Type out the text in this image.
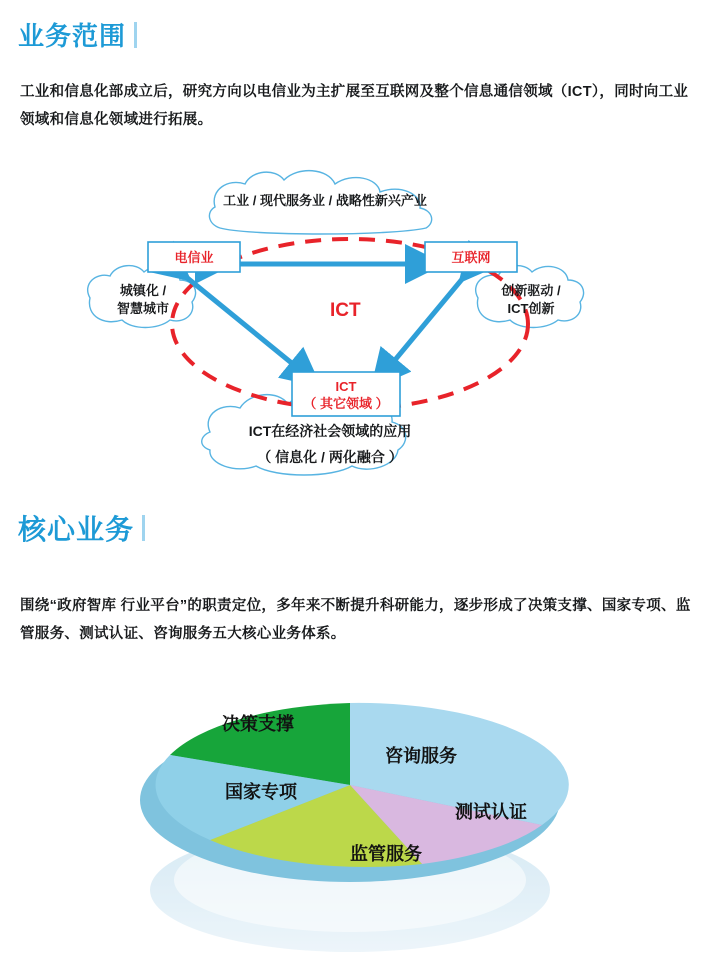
业务范围
工业和信息化部成立后，研究方向以电信业为主扩展至互联网及整个信息通信领域（ICT），同时向工业领域和信息化领域进行拓展。
工业 / 现代服务业 / 战略性新兴产业
城镇化 /
智慧城市
创新驱动 /
ICT创新
ICT在经济社会领域的应用
（ 信息化 / 两化融合 ）
电信业	互联网
ICT
（ 其它领域 ）
ICT
核心业务
围绕“政府智库 行业平台”的职责定位，多年来不断提升科研能力，逐步形成了决策支撑、国家专项、监管服务、测试认证、咨询服务五大核心业务体系。
决策支撑
咨询服务
测试认证
监管服务
国家专项
